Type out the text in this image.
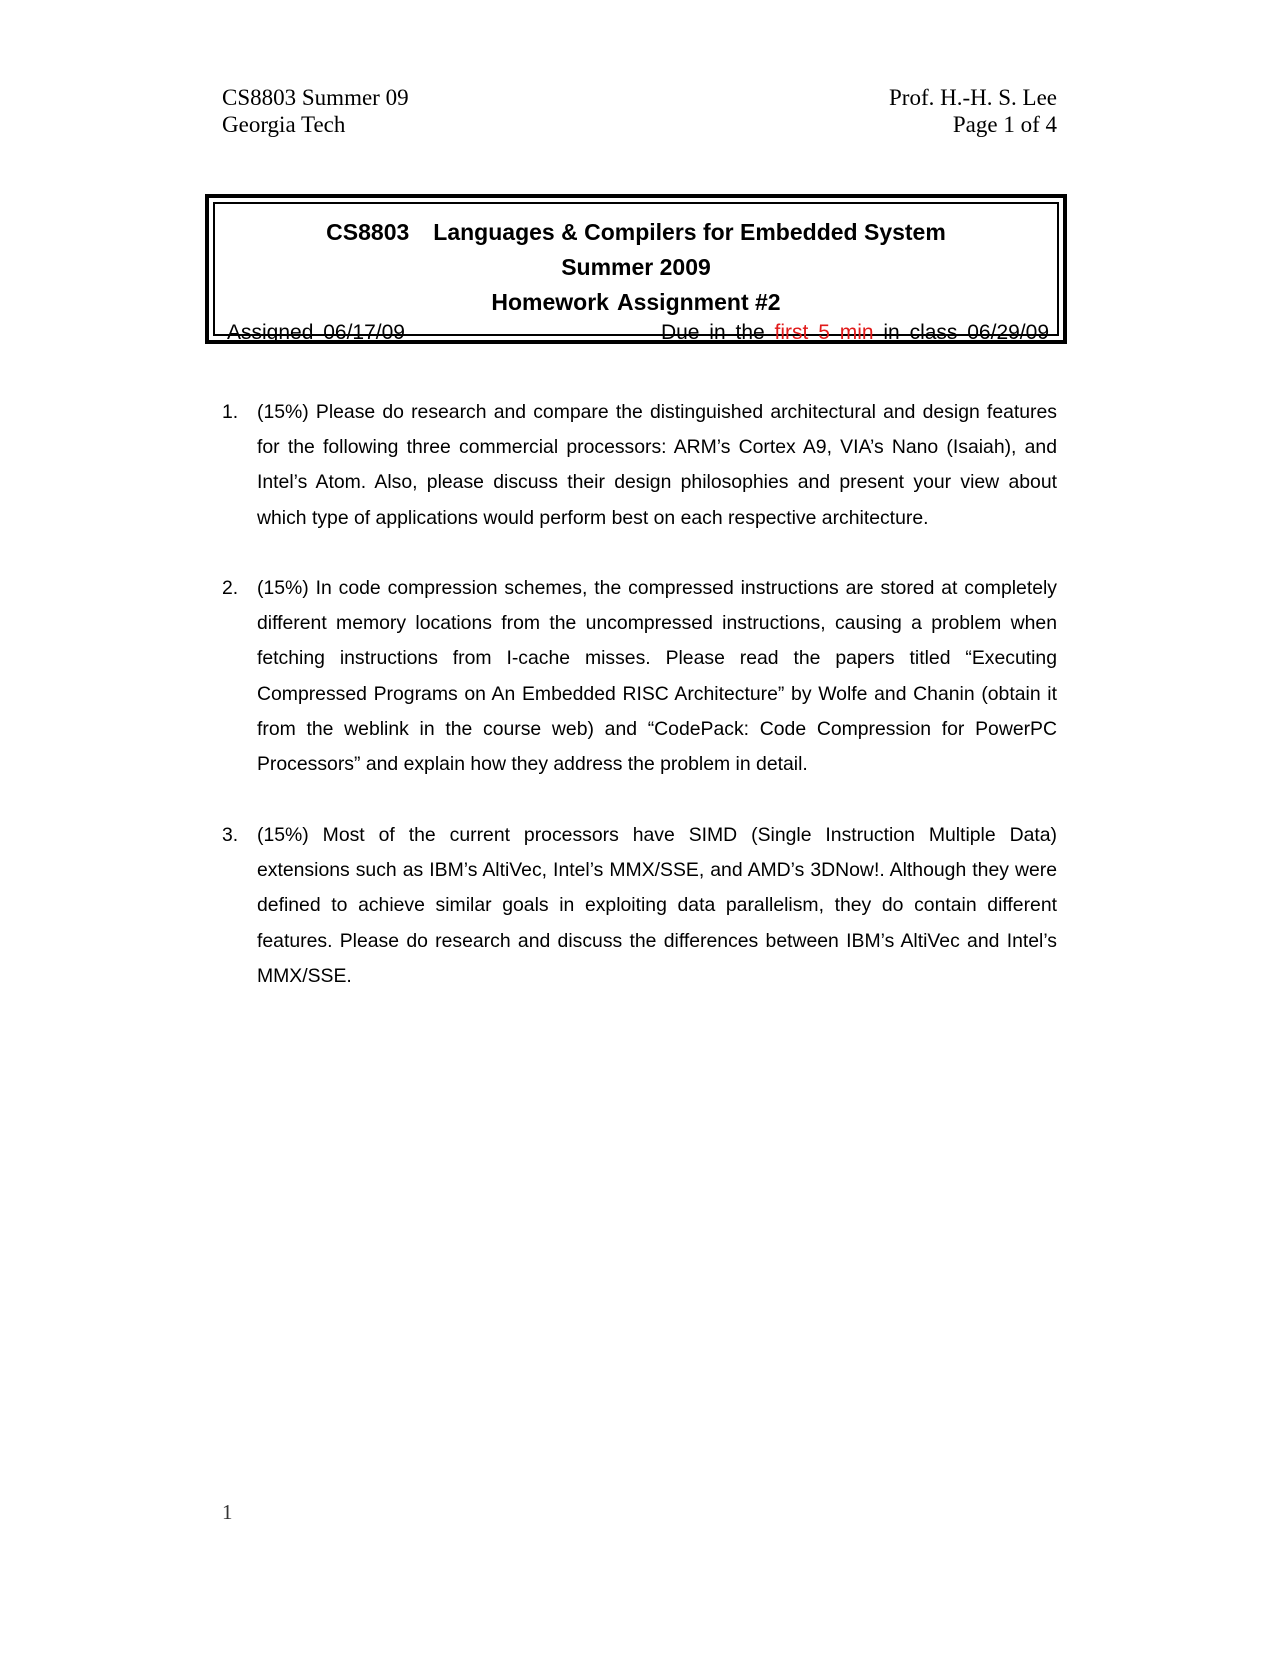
CS8803 Summer 09
Georgia Tech
Prof. H.-H. S. Lee
Page 1 of 4
CS8803 Languages & Compilers for Embedded System
Summer 2009
Homework Assignment #2
Assigned 06/17/09	Due in the first 5 min in class 06/29/09
1. (15%) Please do research and compare the distinguished architectural and design features for the following three commercial processors: ARM’s Cortex A9, VIA’s Nano (Isaiah), and Intel’s Atom. Also, please discuss their design philosophies and present your view about which type of applications would perform best on each respective architecture.
2. (15%) In code compression schemes, the compressed instructions are stored at completely different memory locations from the uncompressed instructions, causing a problem when fetching instructions from I-cache misses. Please read the papers titled “Executing Compressed Programs on An Embedded RISC Architecture” by Wolfe and Chanin (obtain it from the weblink in the course web) and “CodePack: Code Compression for PowerPC Processors” and explain how they address the problem in detail.
3. (15%) Most of the current processors have SIMD (Single Instruction Multiple Data) extensions such as IBM’s AltiVec, Intel’s MMX/SSE, and AMD’s 3DNow!. Although they were defined to achieve similar goals in exploiting data parallelism, they do contain different features. Please do research and discuss the differences between IBM’s AltiVec and Intel’s MMX/SSE.
1
